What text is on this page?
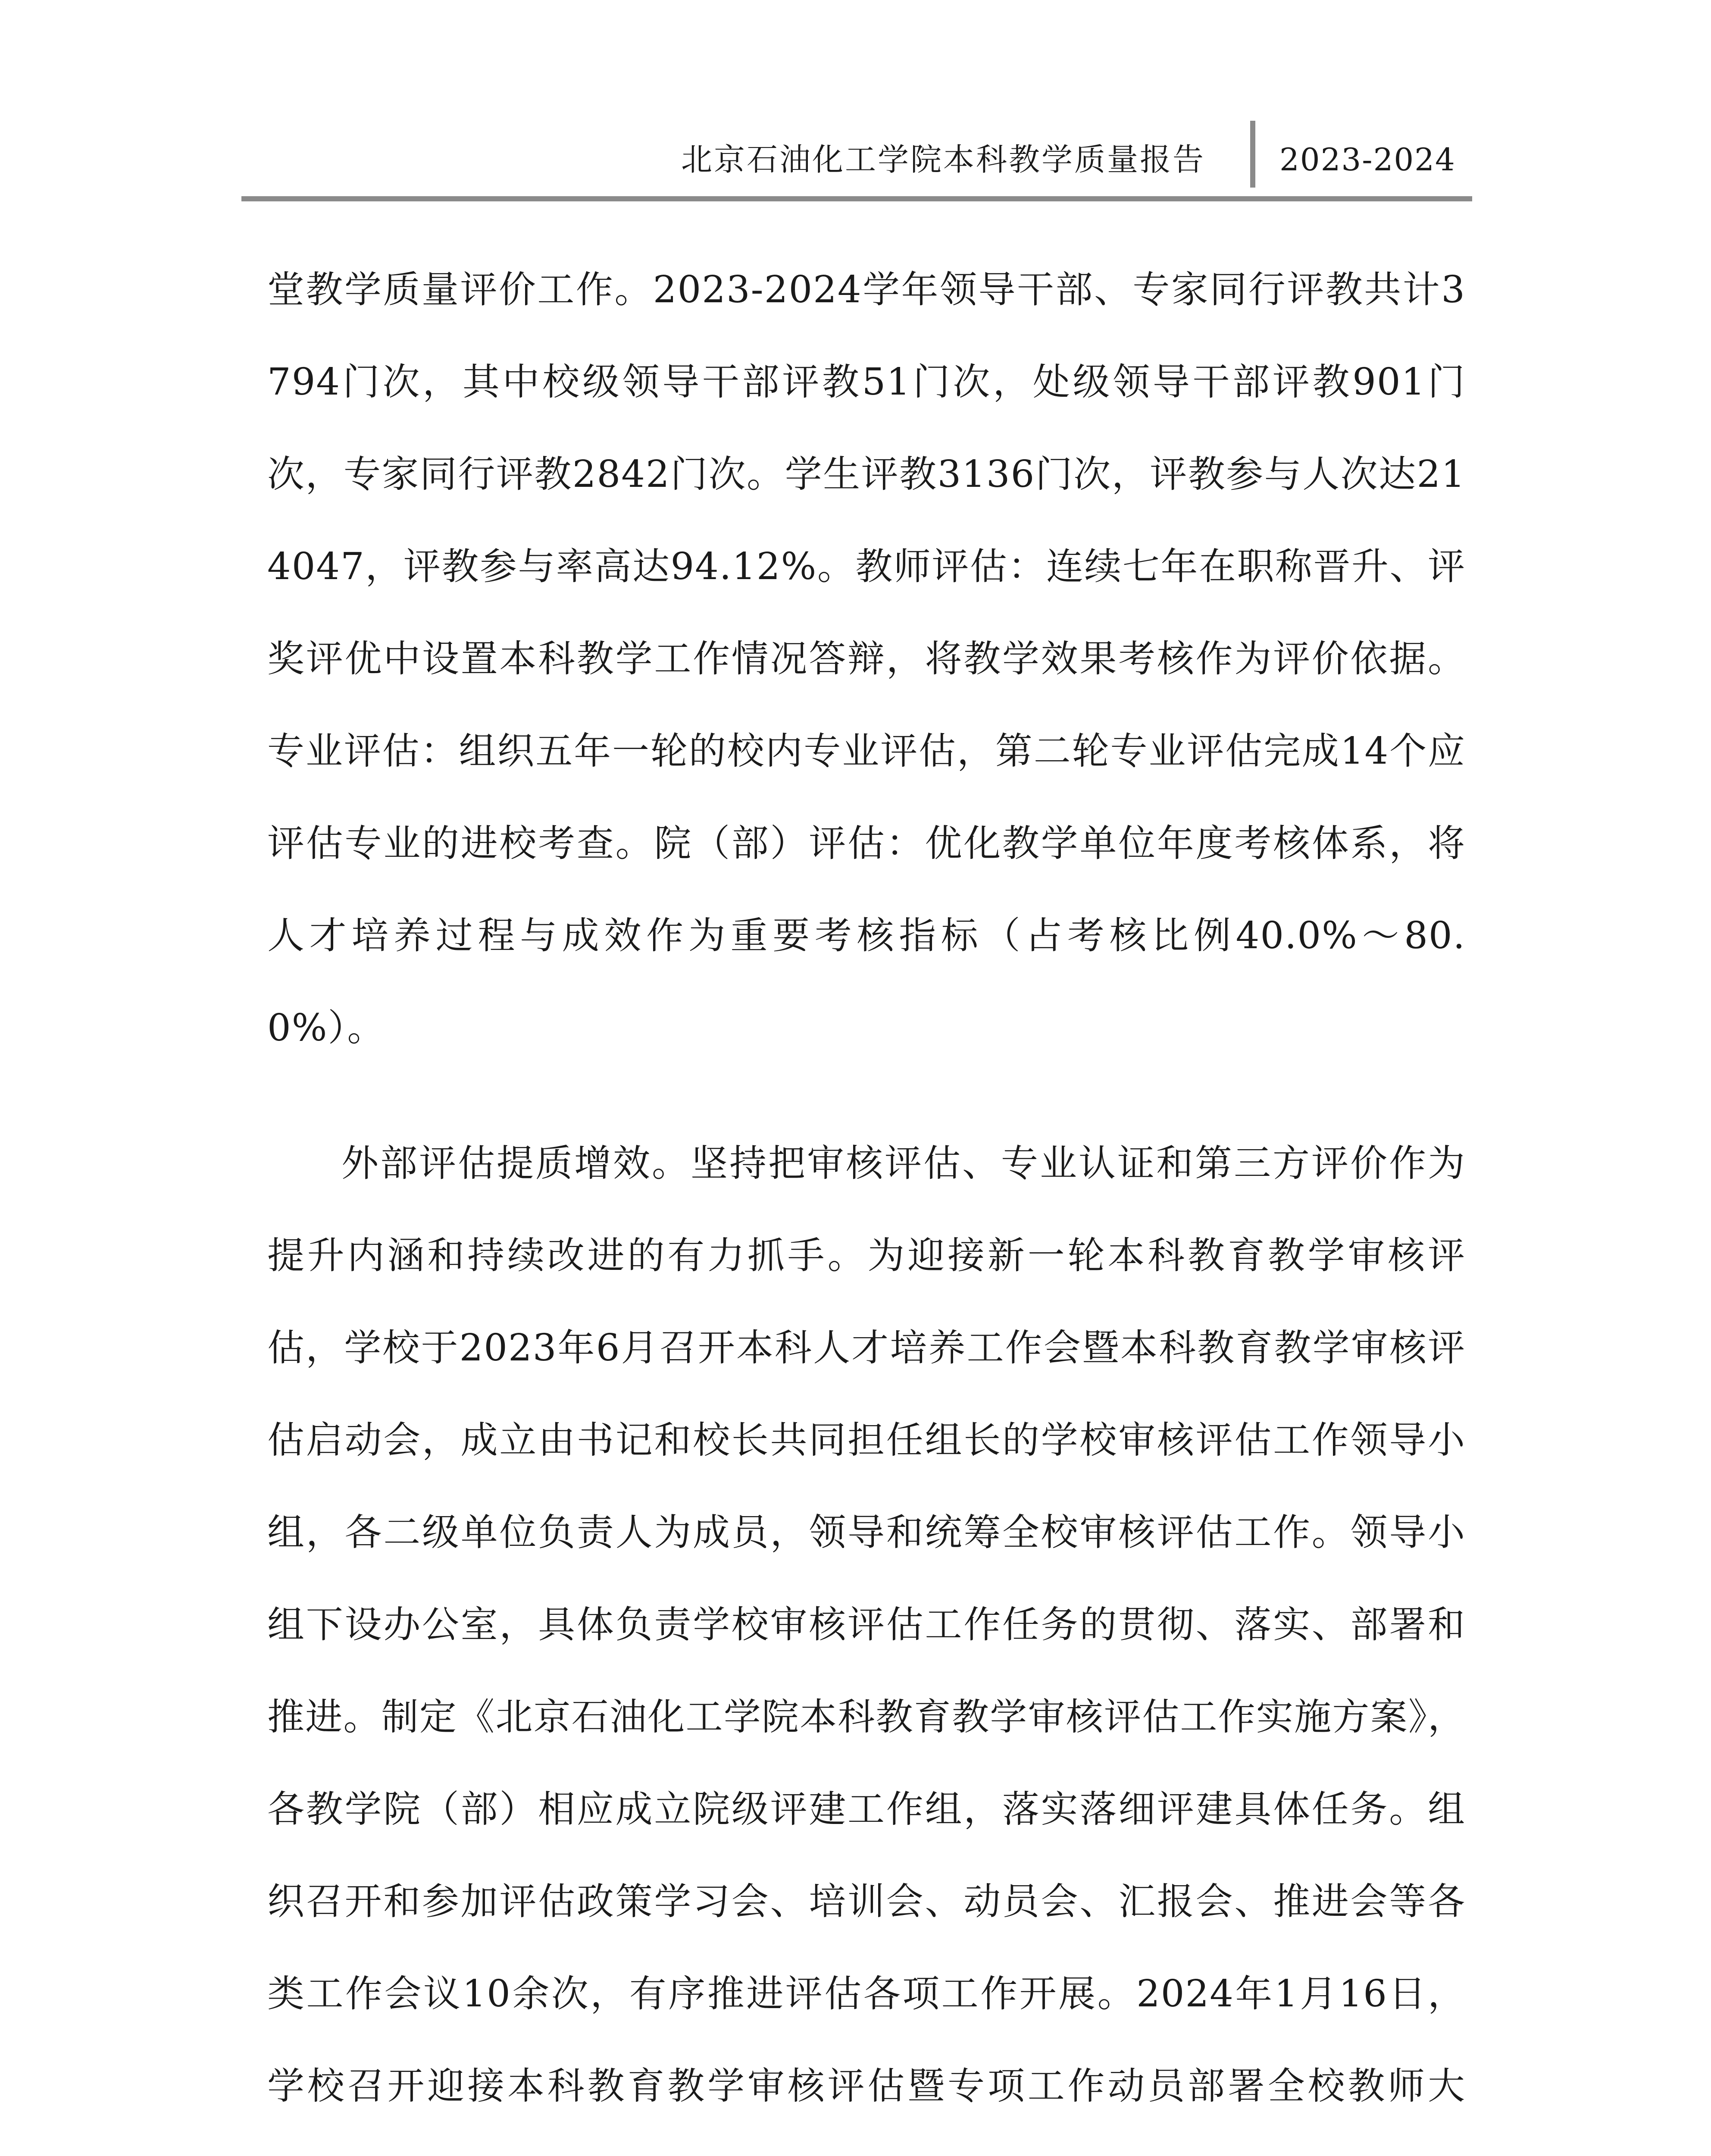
北京石油化工学院本科教学质量报告	2023-2024

堂教学质量评价工作。2023-2024学年领导干部、专家同行评教共计3794门次，其中校级领导干部评教51门次，处级领导干部评教901门次，专家同行评教2842门次。学生评教3136门次，评教参与人次达214047，评教参与率高达94.12%。教师评估：连续七年在职称晋升、评奖评优中设置本科教学工作情况答辩，将教学效果考核作为评价依据。专业评估：组织五年一轮的校内专业评估，第二轮专业评估完成14个应评估专业的进校考查。院（部）评估：优化教学单位年度考核体系，将人才培养过程与成效作为重要考核指标（占考核比例40.0%～80.0%）。

外部评估提质增效。坚持把审核评估、专业认证和第三方评价作为提升内涵和持续改进的有力抓手。为迎接新一轮本科教育教学审核评估，学校于2023年6月召开本科人才培养工作会暨本科教育教学审核评估启动会，成立由书记和校长共同担任组长的学校审核评估工作领导小组，各二级单位负责人为成员，领导和统筹全校审核评估工作。领导小组下设办公室，具体负责学校审核评估工作任务的贯彻、落实、部署和推进。制定《北京石油化工学院本科教育教学审核评估工作实施方案》，各教学院（部）相应成立院级评建工作组，落实落细评建具体任务。组织召开和参加评估政策学习会、培训会、动员会、汇报会、推进会等各类工作会议10余次，有序推进评估各项工作开展。2024年1月16日，学校召开迎接本科教育教学审核评估暨专项工作动员部署全校教师大
